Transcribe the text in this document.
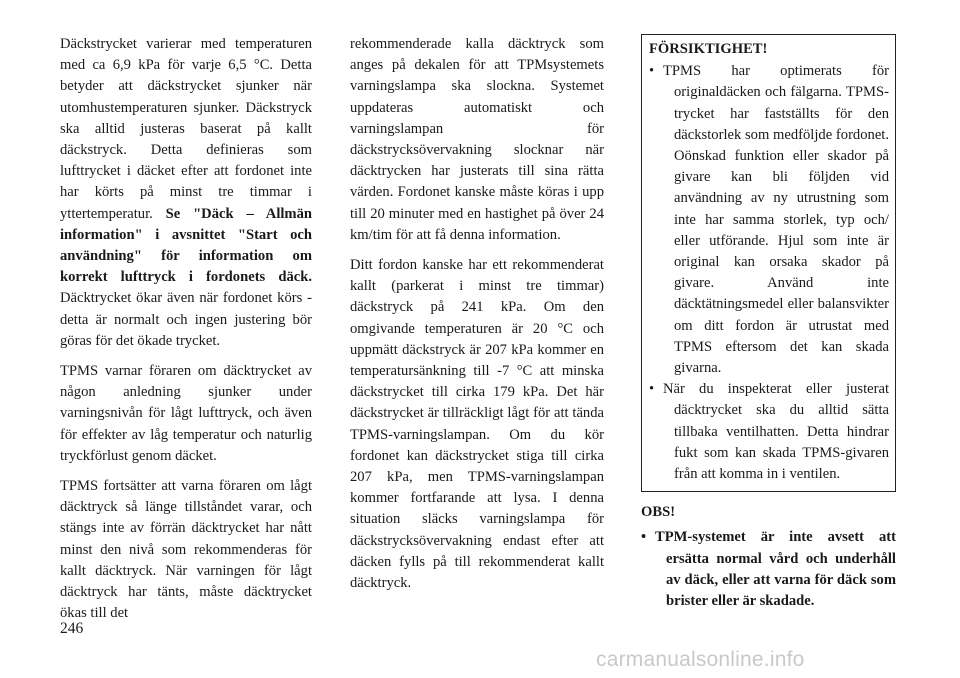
Däckstrycket varierar med temperaturen med ca 6,9 kPa för varje 6,5 °C. Detta betyder att däckstrycket sjunker när utomhustemperaturen sjunker. Däckstryck ska alltid justeras baserat på kallt däckstryck. Detta definieras som lufttrycket i däcket efter att fordonet inte har körts på minst tre timmar i yttertemperatur. Se "Däck – Allmän information" i avsnittet "Start och användning" för information om korrekt lufttryck i fordonets däck. Däcktrycket ökar även när fordonet körs - detta är normalt och ingen justering bör göras för det ökade trycket.

TPMS varnar föraren om däcktrycket av någon anledning sjunker under varningsnivån för lågt lufttryck, och även för effekter av låg temperatur och naturlig tryckförlust genom däcket.

TPMS fortsätter att varna föraren om lågt däcktryck så länge tillståndet varar, och stängs inte av förrän däcktrycket har nått minst den nivå som rekommenderas för kallt däcktryck. När varningen för lågt däcktryck har tänts, måste däcktrycket ökas till det

rekommenderade kalla däcktryck som anges på dekalen för att TPMsystemets varningslampa ska slockna. Systemet uppdateras automatiskt och varningslampan för däckstrycksövervakning slocknar när däcktrycken har justerats till sina rätta värden. Fordonet kanske måste köras i upp till 20 minuter med en hastighet på över 24 km/tim för att få denna information.

Ditt fordon kanske har ett rekommenderat kallt (parkerat i minst tre timmar) däckstryck på 241 kPa. Om den omgivande temperaturen är 20 °C och uppmätt däckstryck är 207 kPa kommer en temperatursänkning till -7 °C att minska däckstrycket till cirka 179 kPa. Det här däckstrycket är tillräckligt lågt för att tända TPMS-varningslampan. Om du kör fordonet kan däckstrycket stiga till cirka 207 kPa, men TPMS-varningslampan kommer fortfarande att lysa. I denna situation släcks varningslampa för däckstrycksövervakning endast efter att däcken fylls på till rekommenderat kallt däcktryck.

FÖRSIKTIGHET!
• TPMS har optimerats för originaldäcken och fälgarna. TPMS-trycket har fastställts för den däckstorlek som medföljde fordonet. Oönskad funktion eller skador på givare kan bli följden vid användning av ny utrustning som inte har samma storlek, typ och/ eller utförande. Hjul som inte är original kan orsaka skador på givare. Använd inte däcktätningsmedel eller balansvikter om ditt fordon är utrustat med TPMS eftersom det kan skada givarna.
• När du inspekterat eller justerat däcktrycket ska du alltid sätta tillbaka ventilhatten. Detta hindrar fukt som kan skada TPMS-givaren från att komma in i ventilen.
OBS!
• TPM-systemet är inte avsett att ersätta normal vård och underhåll av däck, eller att varna för däck som brister eller är skadade.
246
carmanualsonline.info
